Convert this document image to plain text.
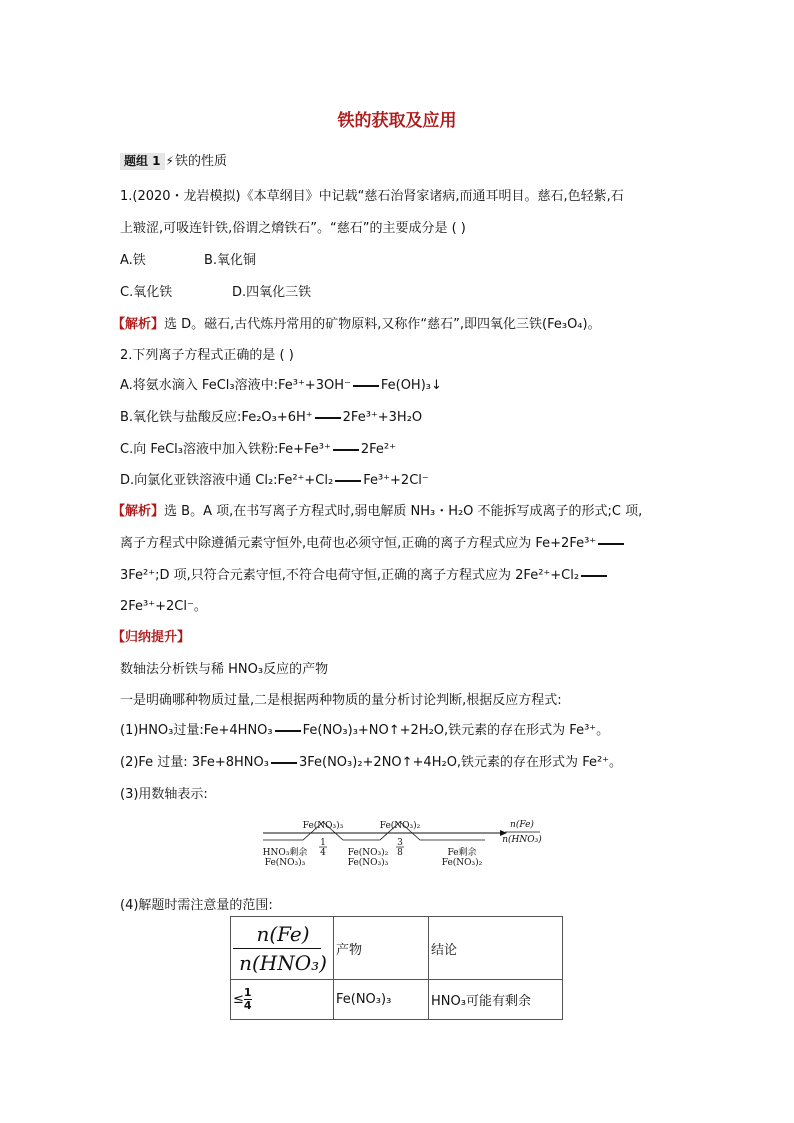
铁的获取及应用
题组 1 ⚡铁的性质
1.(2020・龙岩模拟)《本草纲目》中记载“慈石治肾家诸病,而通耳明目。慈石,色轻紫,石
上皲涩,可吸连针铁,俗谓之熁铁石”。“慈石”的主要成分是 ( )
A.铁	B.氧化铜
C.氧化铁	D.四氧化三铁
【解析】选 D。磁石,古代炼丹常用的矿物原料,又称作“慈石”,即四氧化三铁(Fe₃O₄)。
2.下列离子方程式正确的是 ( )
A.将氨水滴入 FeCl₃溶液中:Fe³⁺+3OH⁻ Fe(OH)₃↓
B.氧化铁与盐酸反应:Fe₂O₃+6H⁺ 2Fe³⁺+3H₂O
C.向 FeCl₃溶液中加入铁粉:Fe+Fe³⁺ 2Fe²⁺
D.向氯化亚铁溶液中通 Cl₂:Fe²⁺+Cl₂ Fe³⁺+2Cl⁻
【解析】选 B。A 项,在书写离子方程式时,弱电解质 NH₃・H₂O 不能拆写成离子的形式;C 项,
离子方程式中除遵循元素守恒外,电荷也必须守恒,正确的离子方程式应为 Fe+2Fe³⁺
3Fe²⁺;D 项,只符合元素守恒,不符合电荷守恒,正确的离子方程式应为 2Fe²⁺+Cl₂
2Fe³⁺+2Cl⁻。
【归纳提升】
数轴法分析铁与稀 HNO₃反应的产物
一是明确哪种物质过量,二是根据两种物质的量分析讨论判断,根据反应方程式:
(1)HNO₃过量:Fe+4HNO₃ Fe(NO₃)₃+NO↑+2H₂O,铁元素的存在形式为 Fe³⁺。
(2)Fe 过量: 3Fe+8HNO₃ 3Fe(NO₃)₂+2NO↑+4H₂O,铁元素的存在形式为 Fe²⁺。
(3)用数轴表示:
Fe(NO₃)₃	Fe(NO₃)₂
1
4
3
8
HNO₃剩余
Fe(NO₃)₃
Fe(NO₃)₂
Fe(NO₃)₃
Fe剩余
Fe(NO₃)₂
n(Fe)
n(HNO₃)
(4)解题时需注意量的范围:
n(Fe)
n(HNO₃)	产物	结论
$\le\frac{1}{4}$	Fe(NO₃)₃	HNO₃可能有剩余
